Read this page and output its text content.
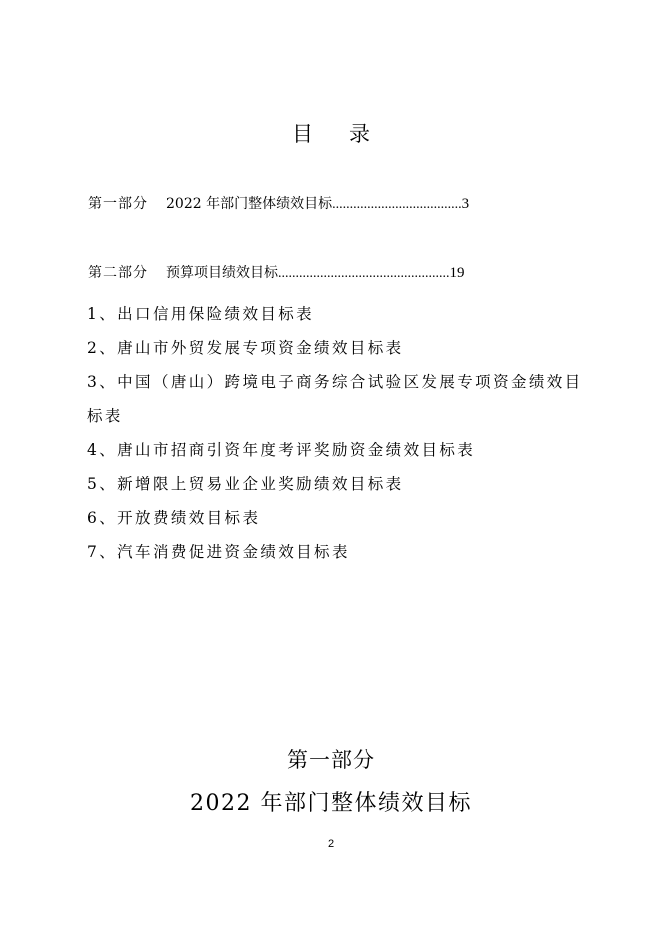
目 录
第一部分 2022 年部门整体绩效目标 ..................................... 3
第二部分 预算项目绩效目标 ................................................. 19
1、出口信用保险绩效目标表
2、唐山市外贸发展专项资金绩效目标表
3、中国（唐山）跨境电子商务综合试验区发展专项资金绩效目标表
4、唐山市招商引资年度考评奖励资金绩效目标表
5、新增限上贸易业企业奖励绩效目标表
6、开放费绩效目标表
7、汽车消费促进资金绩效目标表
第一部分
2022 年部门整体绩效目标
2
